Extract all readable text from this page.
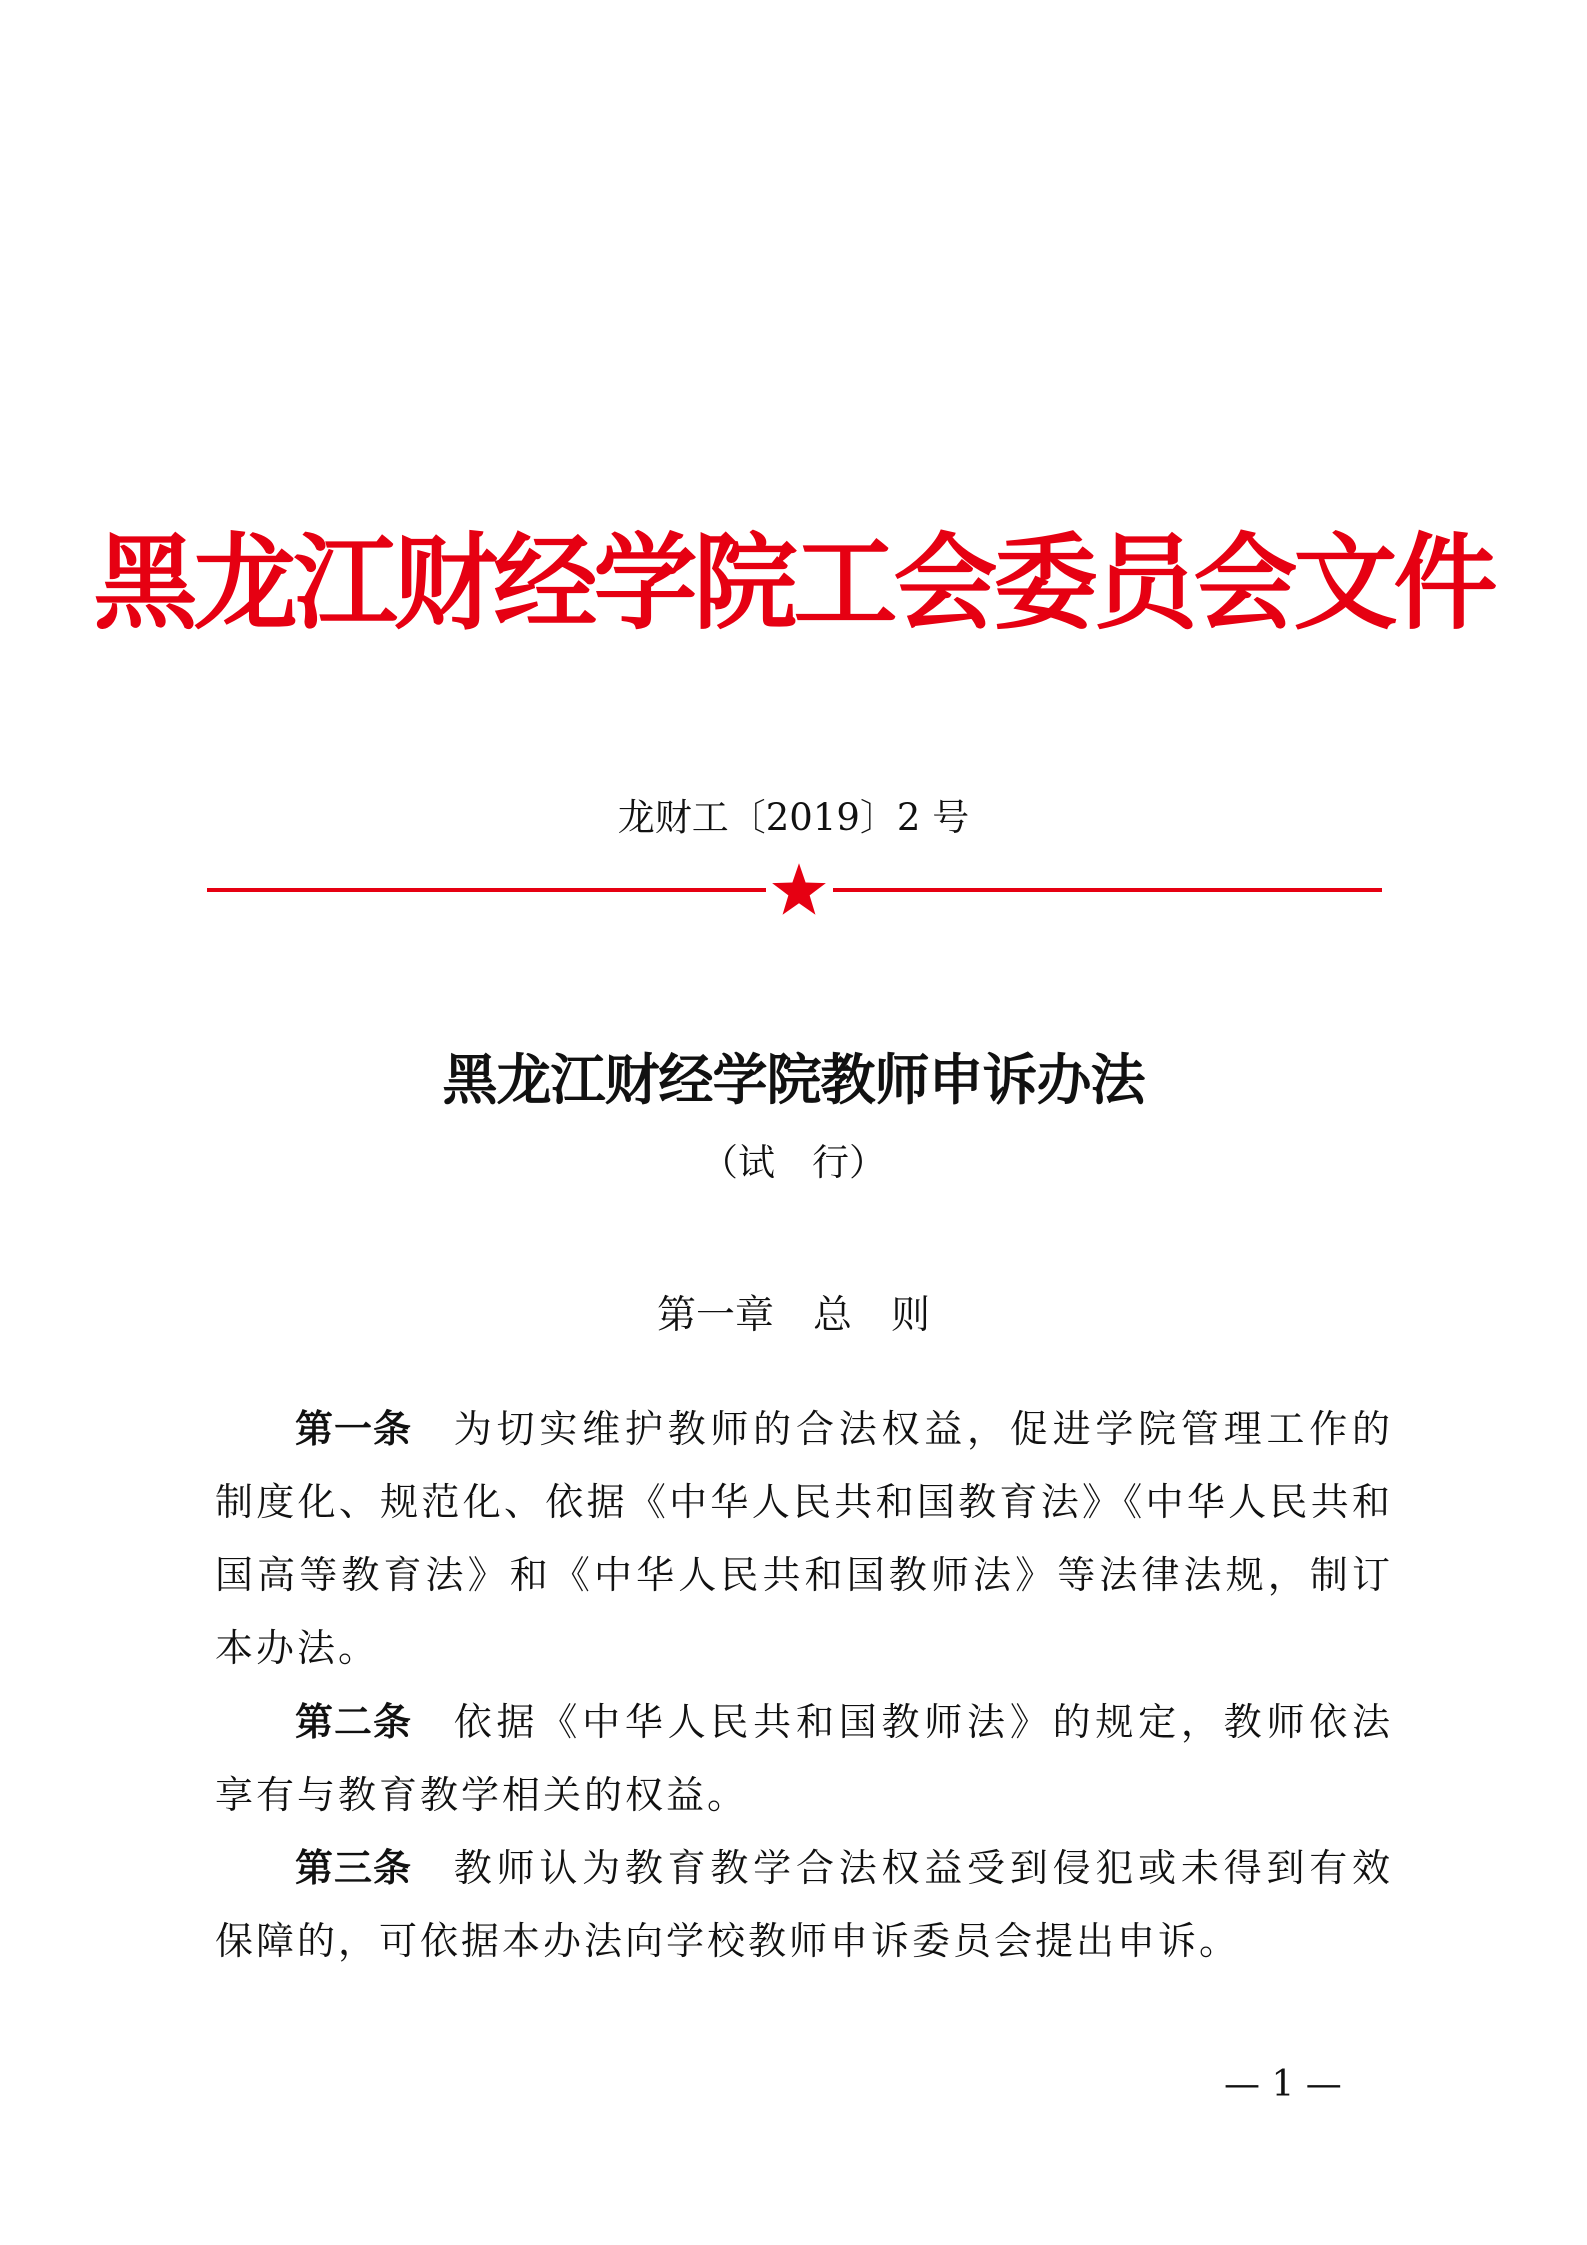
黑龙江财经学院工会委员会文件
龙财工〔2019〕2 号
黑龙江财经学院教师申诉办法
（试　行）
第一章　总　则
第一条 为切实维护教师的合法权益，促进学院管理工作的制度化、规范化、依据《中华人民共和国教育法》《中华人民共和国高等教育法》和《中华人民共和国教师法》等法律法规，制订本办法。
第二条 依据《中华人民共和国教师法》的规定，教师依法享有与教育教学相关的权益。
第三条 教师认为教育教学合法权益受到侵犯或未得到有效保障的，可依据本办法向学校教师申诉委员会提出申诉。
— 1 —
